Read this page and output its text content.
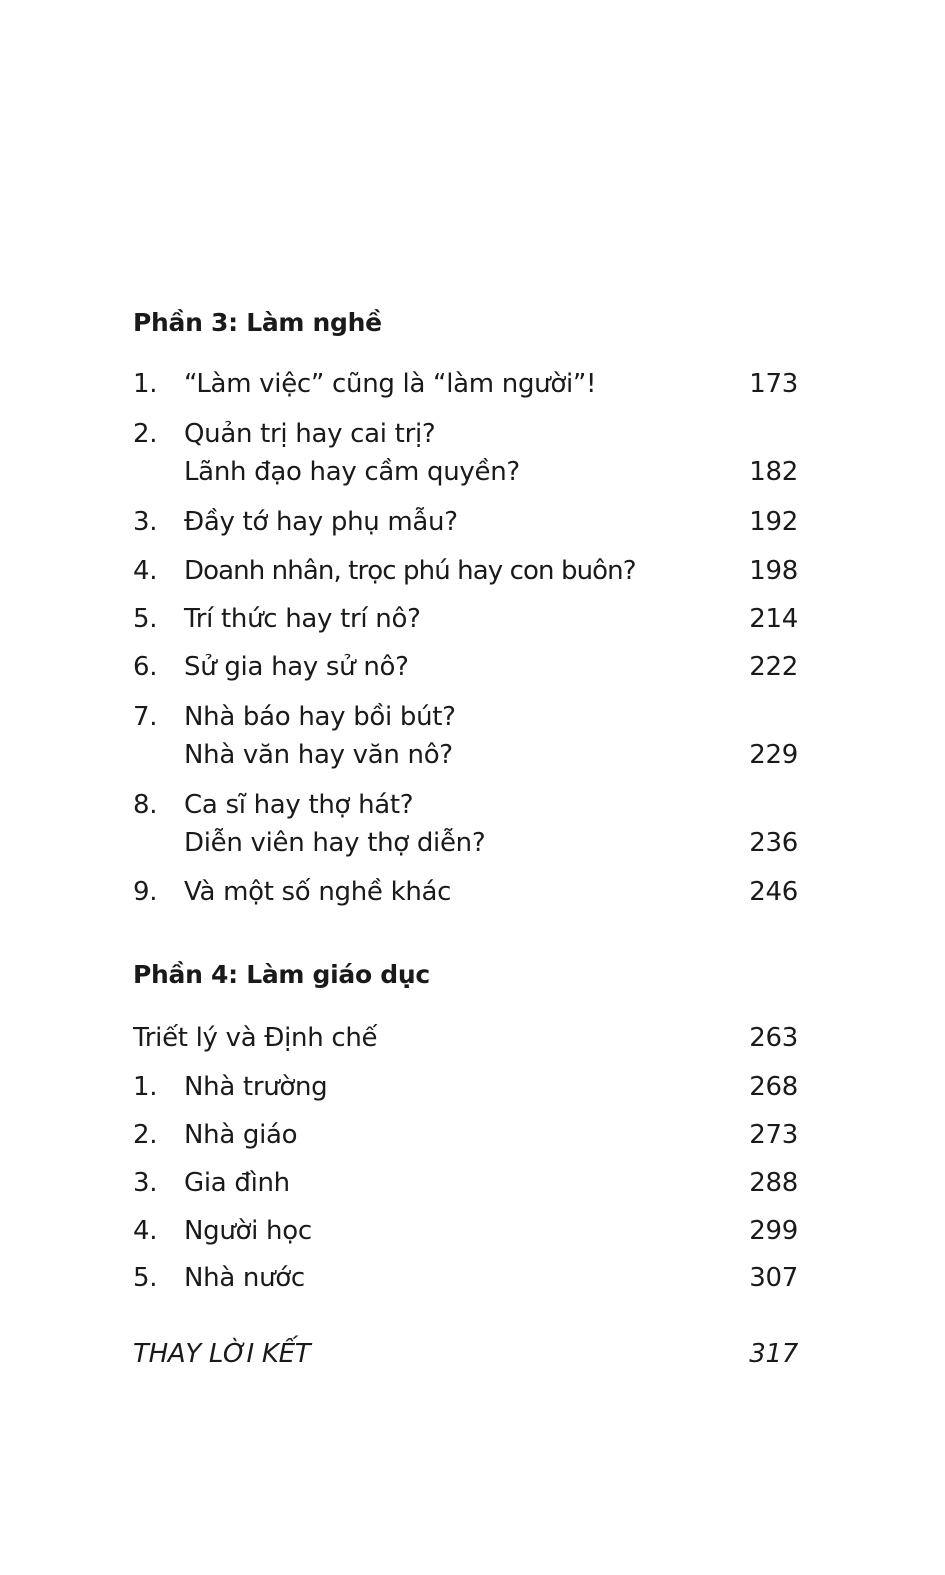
Phần 3: Làm nghề
1. “Làm việc” cũng là “làm người”!	173
2. Quản trị hay cai trị?
Lãnh đạo hay cầm quyền?	182
3. Đầy tớ hay phụ mẫu?	192
4. Doanh nhân, trọc phú hay con buôn?	198
5. Trí thức hay trí nô?	214
6. Sử gia hay sử nô?	222
7. Nhà báo hay bồi bút?
Nhà văn hay văn nô?	229
8. Ca sĩ hay thợ hát?
Diễn viên hay thợ diễn?	236
9. Và một số nghề khác	246
Phần 4: Làm giáo dục
Triết lý và Định chế	263
1. Nhà trường	268
2. Nhà giáo	273
3. Gia đình	288
4. Người học	299
5. Nhà nước	307
THAY LỜI KẾT	317
